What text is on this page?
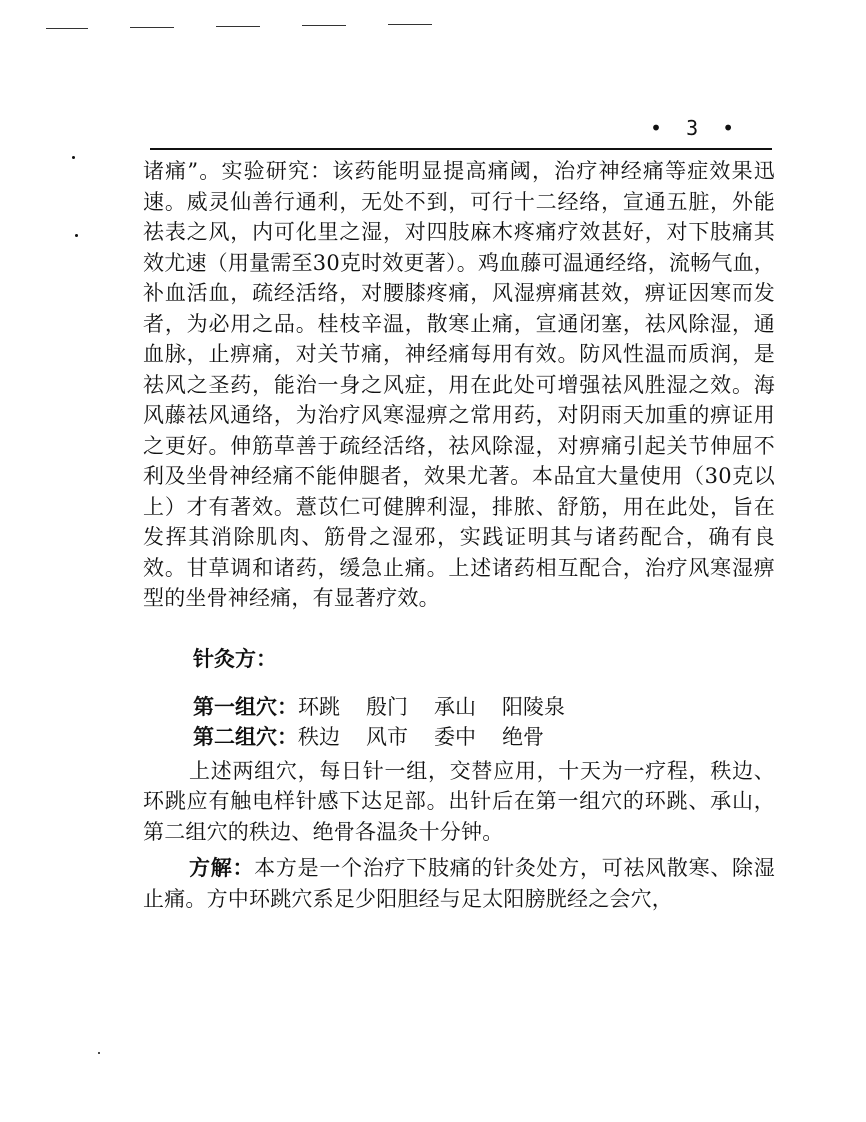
• 3 •

诸痛”。实验研究：该药能明显提高痛阈，治疗神经痛等症效果迅速。威灵仙善行通利，无处不到，可行十二经络，宣通五脏，外能祛表之风，内可化里之湿，对四肢麻木疼痛疗效甚好，对下肢痛其效尤速（用量需至30克时效更著）。鸡血藤可温通经络，流畅气血，补血活血，疏经活络，对腰膝疼痛，风湿痹痛甚效，痹证因寒而发者，为必用之品。桂枝辛温，散寒止痛，宣通闭塞，祛风除湿，通血脉，止痹痛，对关节痛，神经痛每用有效。防风性温而质润，是祛风之圣药，能治一身之风症，用在此处可增强祛风胜湿之效。海风藤祛风通络，为治疗风寒湿痹之常用药，对阴雨天加重的痹证用之更好。伸筋草善于疏经活络，祛风除湿，对痹痛引起关节伸屈不利及坐骨神经痛不能伸腿者，效果尤著。本品宜大量使用（30克以上）才有著效。薏苡仁可健脾利湿，排脓、舒筋，用在此处，旨在发挥其消除肌肉、筋骨之湿邪，实践证明其与诸药配合，确有良效。甘草调和诸药，缓急止痛。上述诸药相互配合，治疗风寒湿痹型的坐骨神经痛，有显著疗效。

针灸方：
第一组穴： 环跳 殷门 承山 阳陵泉
第二组穴： 秩边 风市 委中 绝骨

上述两组穴，每日针一组，交替应用，十天为一疗程，秩边、环跳应有触电样针感下达足部。出针后在第一组穴的环跳、承山，第二组穴的秩边、绝骨各温灸十分钟。

方解：本方是一个治疗下肢痛的针灸处方，可祛风散寒、除湿止痛。方中环跳穴系足少阳胆经与足太阳膀胱经之会穴，
